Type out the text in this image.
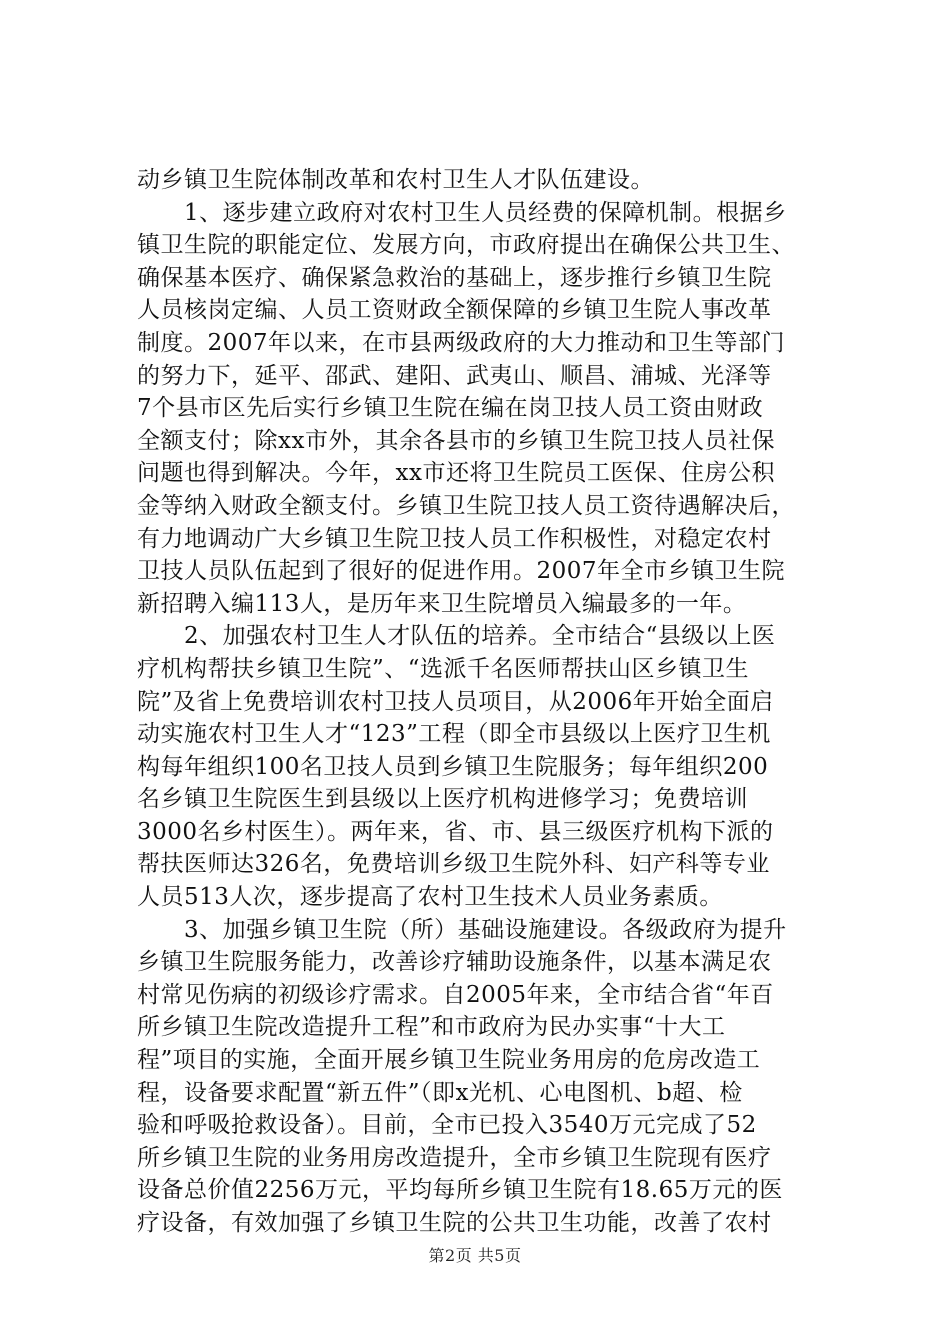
动乡镇卫生院体制改革和农村卫生人才队伍建设。
　　1、逐步建立政府对农村卫生人员经费的保障机制。根据乡
镇卫生院的职能定位、发展方向，市政府提出在确保公共卫生、
确保基本医疗、确保紧急救治的基础上，逐步推行乡镇卫生院
人员核岗定编、人员工资财政全额保障的乡镇卫生院人事改革
制度。2007年以来，在市县两级政府的大力推动和卫生等部门
的努力下，延平、邵武、建阳、武夷山、顺昌、浦城、光泽等
7个县市区先后实行乡镇卫生院在编在岗卫技人员工资由财政
全额支付；除xx市外，其余各县市的乡镇卫生院卫技人员社保
问题也得到解决。今年，xx市还将卫生院员工医保、住房公积
金等纳入财政全额支付。乡镇卫生院卫技人员工资待遇解决后，
有力地调动广大乡镇卫生院卫技人员工作积极性，对稳定农村
卫技人员队伍起到了很好的促进作用。2007年全市乡镇卫生院
新招聘入编113人，是历年来卫生院增员入编最多的一年。
　　2、加强农村卫生人才队伍的培养。全市结合“县级以上医
疗机构帮扶乡镇卫生院”、“选派千名医师帮扶山区乡镇卫生
院”及省上免费培训农村卫技人员项目，从2006年开始全面启
动实施农村卫生人才“123”工程（即全市县级以上医疗卫生机
构每年组织100名卫技人员到乡镇卫生院服务；每年组织200
名乡镇卫生院医生到县级以上医疗机构进修学习；免费培训
3000名乡村医生）。两年来，省、市、县三级医疗机构下派的
帮扶医师达326名，免费培训乡级卫生院外科、妇产科等专业
人员513人次，逐步提高了农村卫生技术人员业务素质。
　　3、加强乡镇卫生院（所）基础设施建设。各级政府为提升
乡镇卫生院服务能力，改善诊疗辅助设施条件，以基本满足农
村常见伤病的初级诊疗需求。自2005年来，全市结合省“年百
所乡镇卫生院改造提升工程”和市政府为民办实事“十大工
程”项目的实施，全面开展乡镇卫生院业务用房的危房改造工
程，设备要求配置“新五件”（即x光机、心电图机、b超、检
验和呼吸抢救设备）。目前，全市已投入3540万元完成了52
所乡镇卫生院的业务用房改造提升，全市乡镇卫生院现有医疗
设备总价值2256万元，平均每所乡镇卫生院有18.65万元的医
疗设备，有效加强了乡镇卫生院的公共卫生功能，改善了农村
第2页 共5页
